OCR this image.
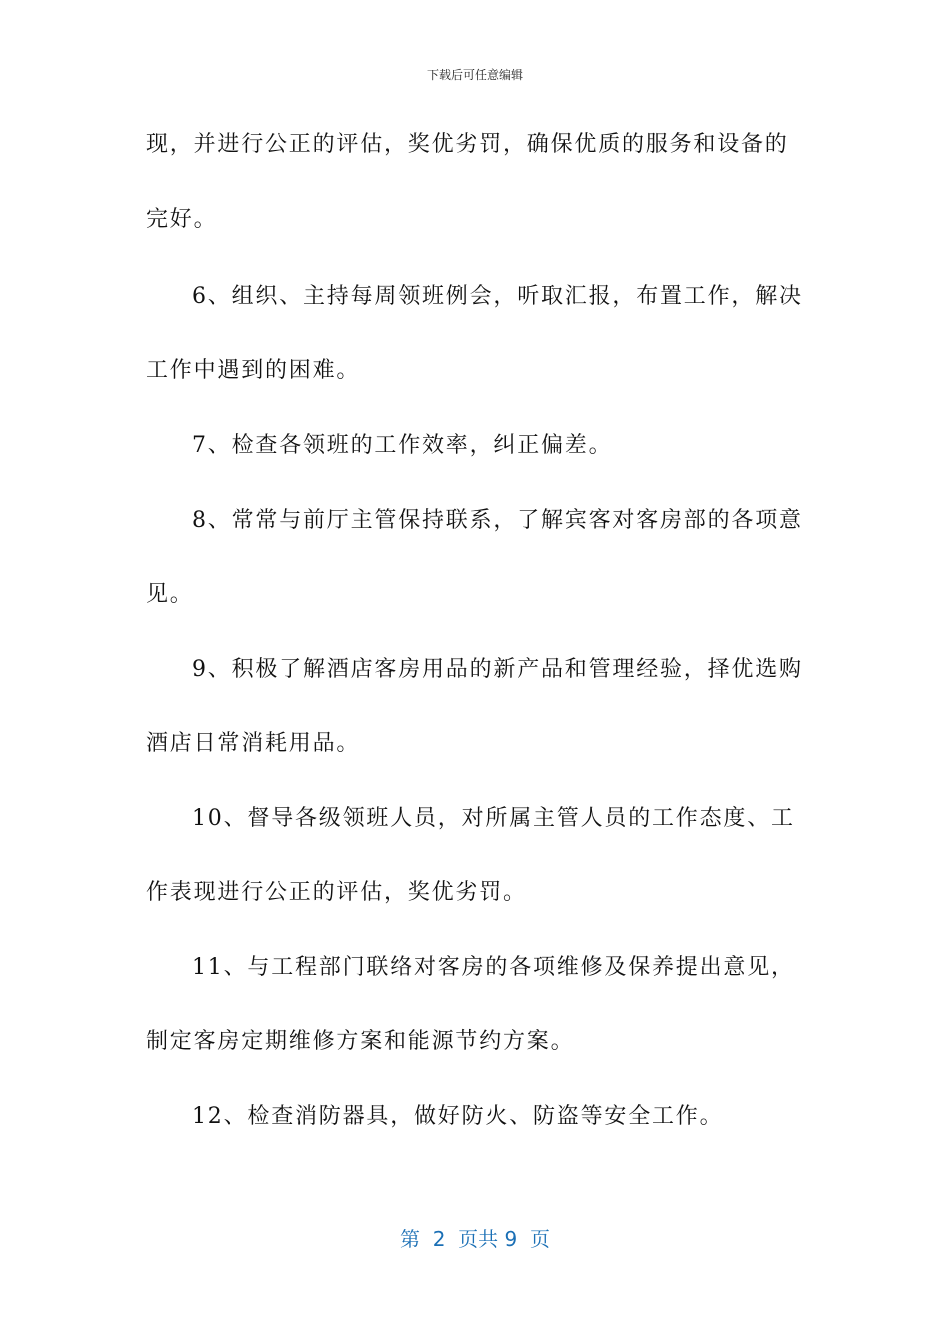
下载后可任意编辑
现，并进行公正的评估，奖优劣罚，确保优质的服务和设备的
完好。
6、组织、主持每周领班例会，听取汇报，布置工作，解决
工作中遇到的困难。
7、检查各领班的工作效率，纠正偏差。
8、常常与前厅主管保持联系，了解宾客对客房部的各项意
见。
9、积极了解酒店客房用品的新产品和管理经验，择优选购
酒店日常消耗用品。
10、督导各级领班人员，对所属主管人员的工作态度、工
作表现进行公正的评估，奖优劣罚。
11、与工程部门联络对客房的各项维修及保养提出意见，
制定客房定期维修方案和能源节约方案。
12、检查消防器具，做好防火、防盗等安全工作。
第  2  页共 9  页
